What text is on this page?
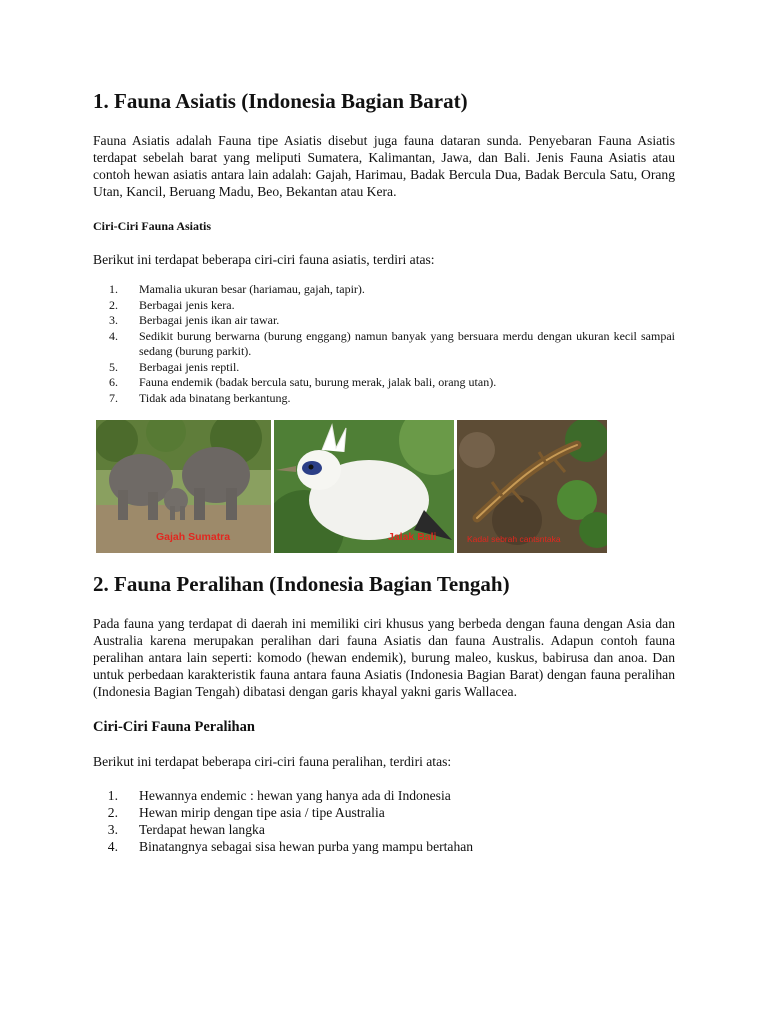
1. Fauna Asiatis (Indonesia Bagian Barat)

Fauna Asiatis adalah Fauna tipe Asiatis disebut juga fauna dataran sunda. Penyebaran Fauna Asiatis terdapat sebelah barat yang meliputi Sumatera, Kalimantan, Jawa, dan Bali. Jenis Fauna Asiatis atau contoh hewan asiatis antara lain adalah: Gajah, Harimau, Badak Bercula Dua, Badak Bercula Satu, Orang Utan, Kancil, Beruang Madu, Beo, Bekantan atau Kera.

Ciri-Ciri Fauna Asiatis

Berikut ini terdapat beberapa ciri-ciri fauna asiatis, terdiri atas:

1.	Mamalia ukuran besar (hariamau, gajah, tapir).
2.	Berbagai jenis kera.
3.	Berbagai jenis ikan air tawar.
4.	Sedikit burung berwarna (burung enggang) namun banyak yang bersuara merdu dengan ukuran kecil sampai sedang (burung parkit).
5.	Berbagai jenis reptil.
6.	Fauna endemik (badak bercula satu, burung merak, jalak bali, orang utan).
7.	Tidak ada binatang berkantung.
Gajah Sumatra	Jalak Bali	Kadal sebrah cantsntaka
2. Fauna Peralihan (Indonesia Bagian Tengah)

Pada fauna yang terdapat di daerah ini memiliki ciri khusus yang berbeda dengan fauna dengan Asia dan Australia karena merupakan peralihan dari fauna Asiatis dan fauna Australis. Adapun contoh fauna peralihan antara lain seperti: komodo (hewan endemik), burung maleo, kuskus, babirusa dan anoa. Dan untuk perbedaan karakteristik fauna antara fauna Asiatis (Indonesia Bagian Barat) dengan fauna peralihan (Indonesia Bagian Tengah) dibatasi dengan garis khayal yakni garis Wallacea.

Ciri-Ciri Fauna Peralihan

Berikut ini terdapat beberapa ciri-ciri fauna peralihan, terdiri atas:

1.	Hewannya endemic : hewan yang hanya ada di Indonesia
2.	Hewan mirip dengan tipe asia / tipe Australia
3.	Terdapat hewan langka
4.	Binatangnya sebagai sisa hewan purba yang mampu bertahan
